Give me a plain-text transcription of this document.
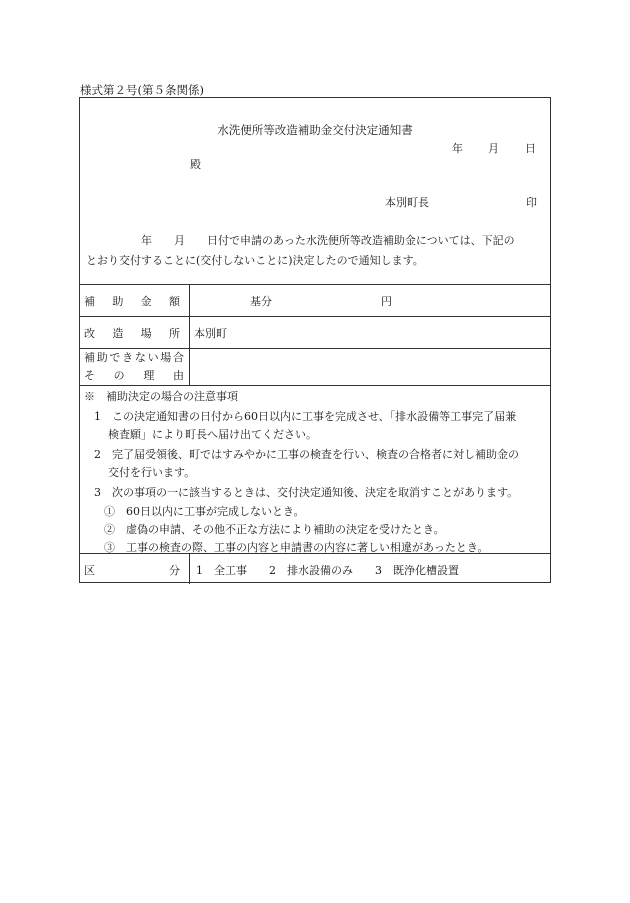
様式第２号(第５条関係)
水洗便所等改造補助金交付決定通知書
年 月 日
殿
本別町長	印
　　　　　年　　月　　日付で申請のあった水洗便所等改造補助金については、下記の
とおり交付することに(交付しないことに)決定したので通知します。
補助金額	基分	円
改造場所 本別町
補助できない場合
その理由
※　補助決定の場合の注意事項
1　この決定通知書の日付から60日以内に工事を完成させ、「排水設備等工事完了届兼
検査願」により町長へ届け出てください。
2　完了届受領後、町ではすみやかに工事の検査を行い、検査の合格者に対し補助金の
交付を行います。
3　次の事項の一に該当するときは、交付決定通知後、決定を取消すことがあります。
①　60日以内に工事が完成しないとき。
②　虚偽の申請、その他不正な方法により補助の決定を受けたとき。
③　工事の検査の際、工事の内容と申請書の内容に著しい相違があったとき。
区分 1　全工事　　2　排水設備のみ　　3　既浄化槽設置
